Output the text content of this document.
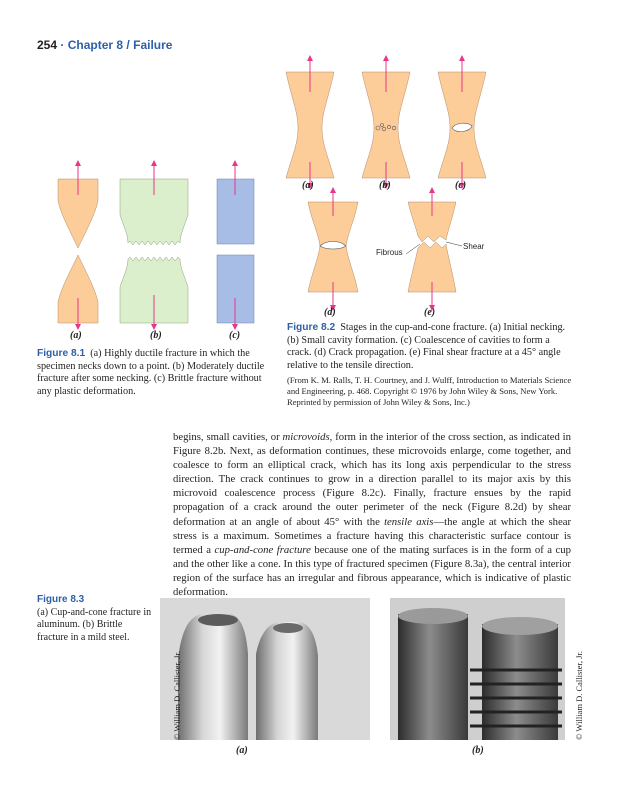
254 · Chapter 8 / Failure
(a)	(b)	(c)
Figure 8.1 (a) Highly ductile fracture in which the specimen necks down to a point. (b) Moderately ductile fracture after some necking. (c) Brittle fracture without any plastic deformation.
(a)	(b)	(c)
(d)	(e)
Fibrous
Shear
Figure 8.2 Stages in the cup-and-cone fracture. (a) Initial necking. (b) Small cavity formation. (c) Coalescence of cavities to form a crack. (d) Crack propagation. (e) Final shear fracture at a 45° angle relative to the tensile direction.
(From K. M. Ralls, T. H. Courtney, and J. Wulff, Introduction to Materials Science and Engineering, p. 468. Copyright © 1976 by John Wiley & Sons, New York. Reprinted by permission of John Wiley & Sons, Inc.)
begins, small cavities, or microvoids, form in the interior of the cross section, as indicated in Figure 8.2b. Next, as deformation continues, these microvoids enlarge, come together, and coalesce to form an elliptical crack, which has its long axis perpendicular to the stress direction. The crack continues to grow in a direction parallel to its major axis by this microvoid coalescence process (Figure 8.2c). Finally, fracture ensues by the rapid propagation of a crack around the outer perimeter of the neck (Figure 8.2d) by shear deformation at an angle of about 45° with the tensile axis—the angle at which the shear stress is a maximum. Sometimes a fracture having this characteristic surface contour is termed a cup-and-cone fracture because one of the mating surfaces is in the form of a cup and the other like a cone. In this type of fractured specimen (Figure 8.3a), the central interior region of the surface has an irregular and fibrous appearance, which is indicative of plastic deformation.
Figure 8.3
(a) Cup-and-cone fracture in aluminum. (b) Brittle fracture in a mild steel.
(a)	(b)
© William D. Callister, Jr.	© William D. Callister, Jr.
